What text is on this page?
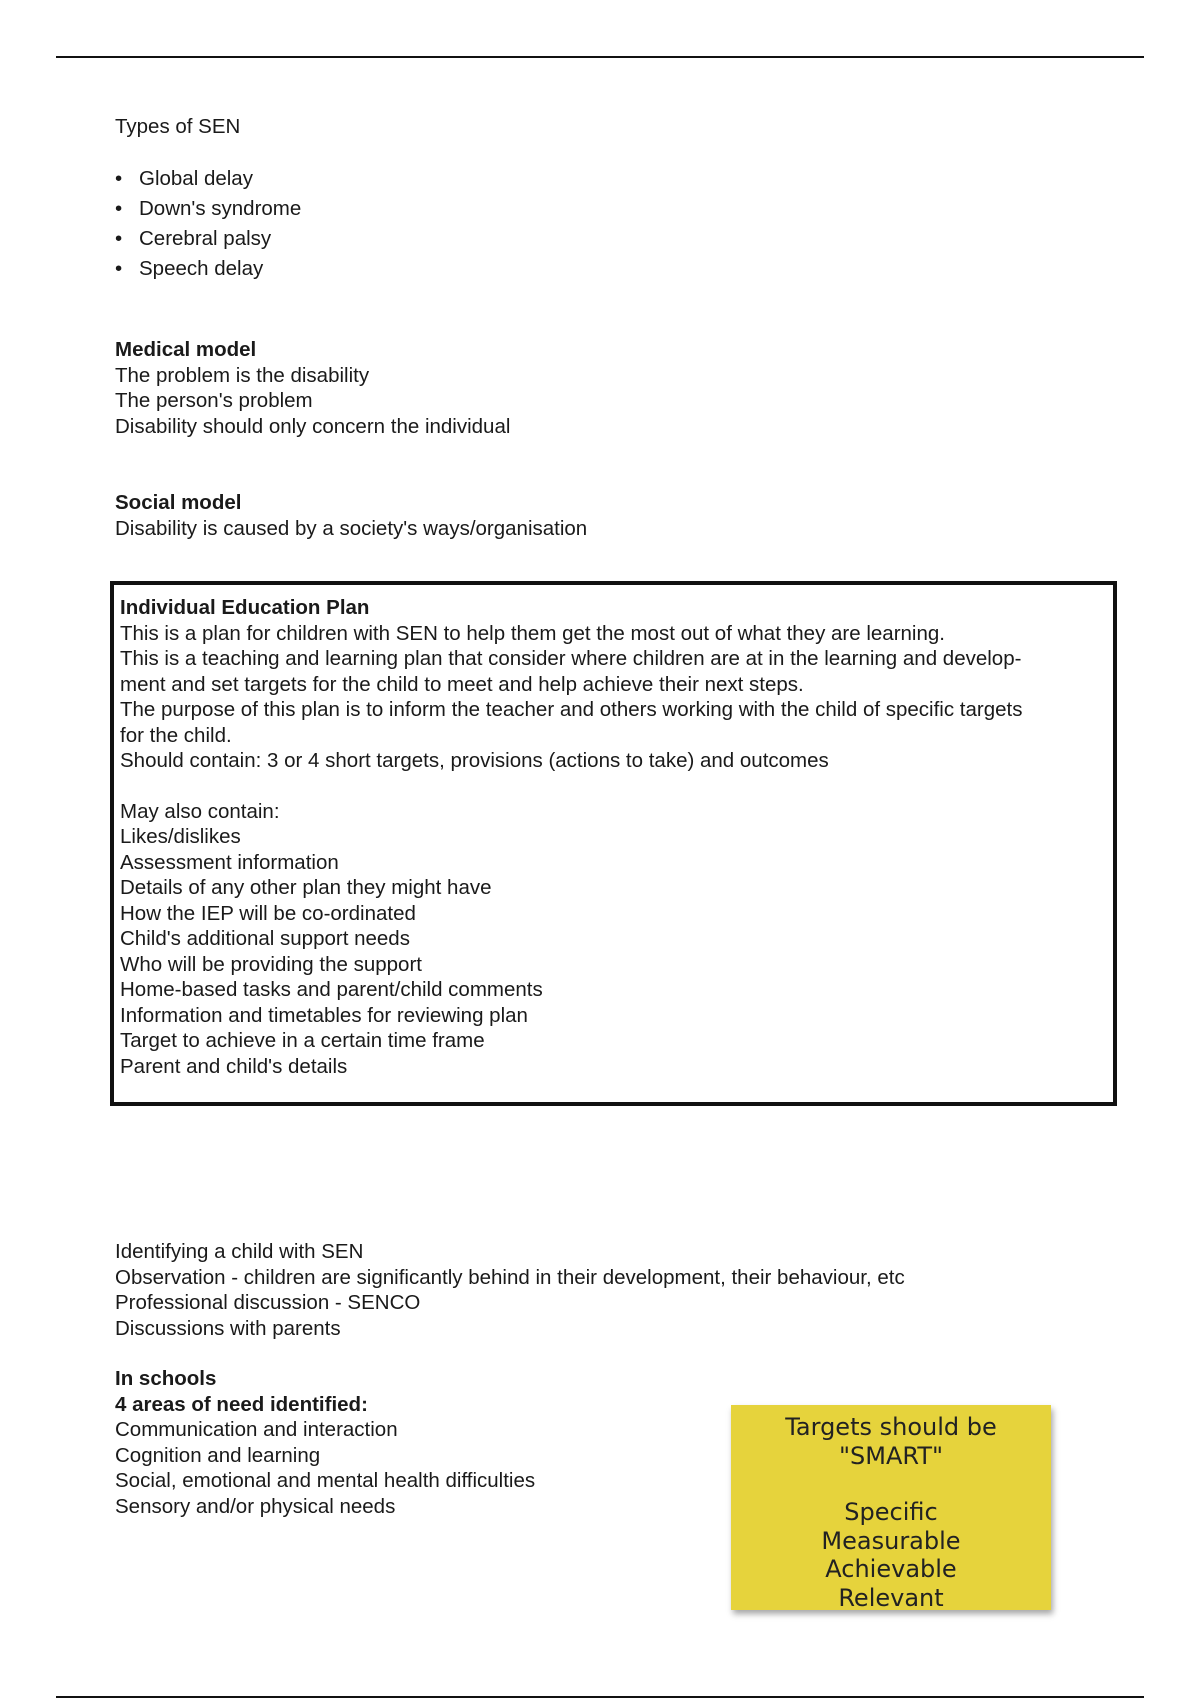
Types of SEN

• Global delay
• Down's syndrome
• Cerebral palsy
• Speech delay

Medical model

The problem is the disability

The person's problem

Disability should only concern the individual

Social model

Disability is caused by a society's ways/organisation

Individual Education Plan

This is a plan for children with SEN to help them get the most out of what they are learning.

This is a teaching and learning plan that consider where children are at in the learning and develop-

ment and set targets for the child to meet and help achieve their next steps.

The purpose of this plan is to inform the teacher and others working with the child of specific targets

for the child.

Should contain: 3 or 4 short targets, provisions (actions to take) and outcomes

May also contain:

Likes/dislikes

Assessment information

Details of any other plan they might have

How the IEP will be co-ordinated

Child's additional support needs

Who will be providing the support

Home-based tasks and parent/child comments

Information and timetables for reviewing plan

Target to achieve in a certain time frame

Parent and child's details

Identifying a child with SEN

Observation - children are significantly behind in their development, their behaviour, etc

Professional discussion - SENCO

Discussions with parents

In schools

4 areas of need identified:

Communication and interaction

Cognition and learning

Social, emotional and mental health difficulties

Sensory and/or physical needs

Targets should be

"SMART"

Specific

Measurable

Achievable

Relevant
